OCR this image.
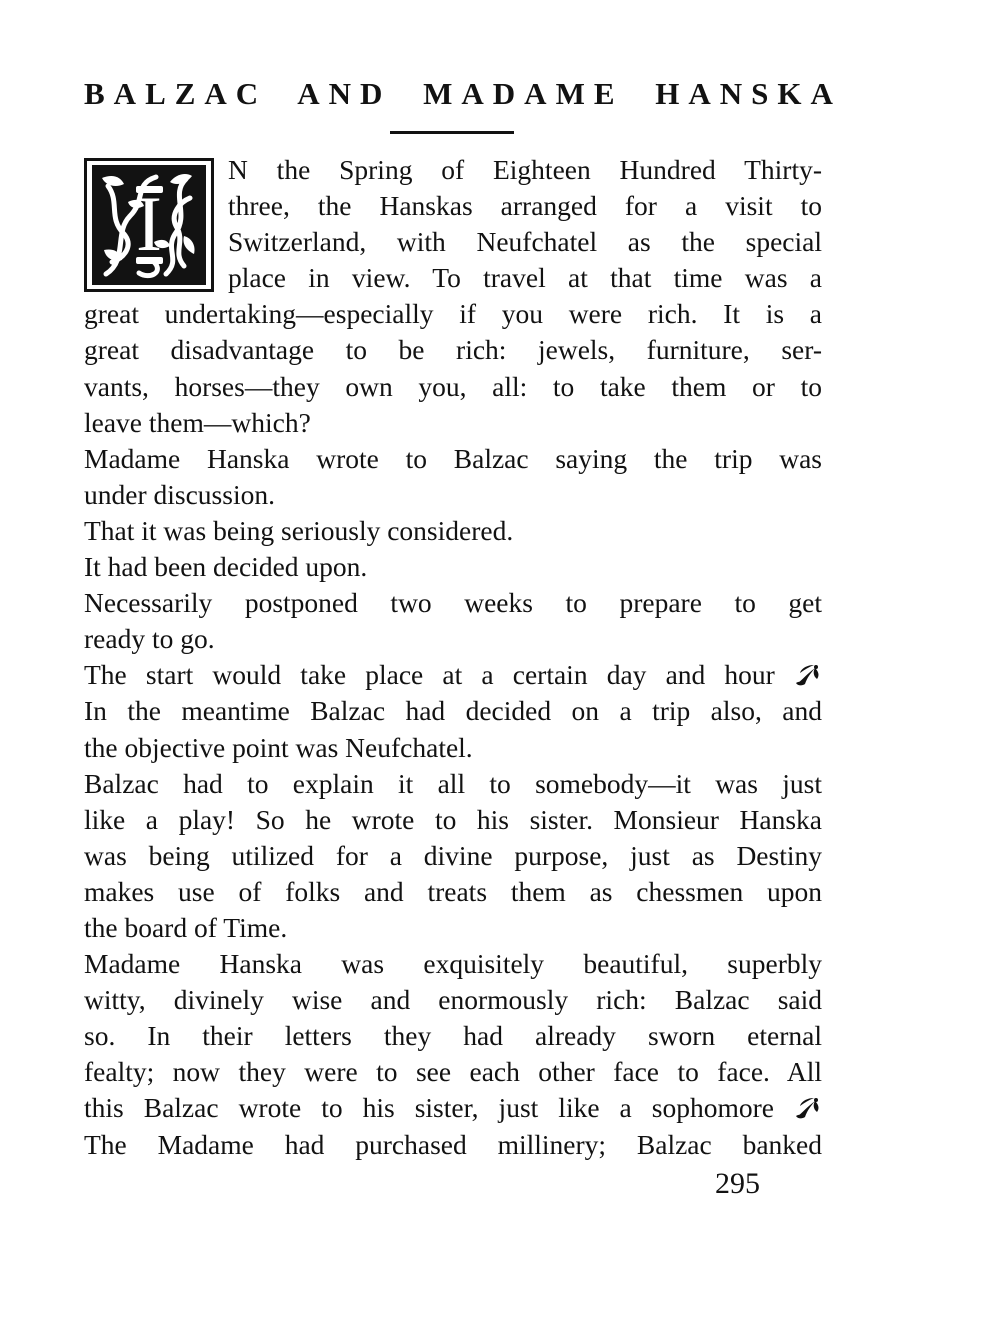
BALZAC AND MADAME HANSKA
I
N the Spring of Eighteen Hundred Thirty-
three, the Hanskas arranged for a visit to
Switzerland, with Neufchatel as the special
place in view. To travel at that time was a
great undertaking—especially if you were rich. It is a
great disadvantage to be rich: jewels, furniture, ser-
vants, horses—they own you, all: to take them or to
leave them—which?
Madame Hanska wrote to Balzac saying the trip was
under discussion.
That it was being seriously considered.
It had been decided upon.
Necessarily postponed two weeks to prepare to get
ready to go.
The start would take place at a certain day and hour
In the meantime Balzac had decided on a trip also, and
the objective point was Neufchatel.
Balzac had to explain it all to somebody—it was just
like a play! So he wrote to his sister. Monsieur Hanska
was being utilized for a divine purpose, just as Destiny
makes use of folks and treats them as chessmen upon
the board of Time.
Madame Hanska was exquisitely beautiful, superbly
witty, divinely wise and enormously rich: Balzac said
so. In their letters they had already sworn eternal
fealty; now they were to see each other face to face. All
this Balzac wrote to his sister, just like a sophomore
The Madame had purchased millinery; Balzac banked
295
